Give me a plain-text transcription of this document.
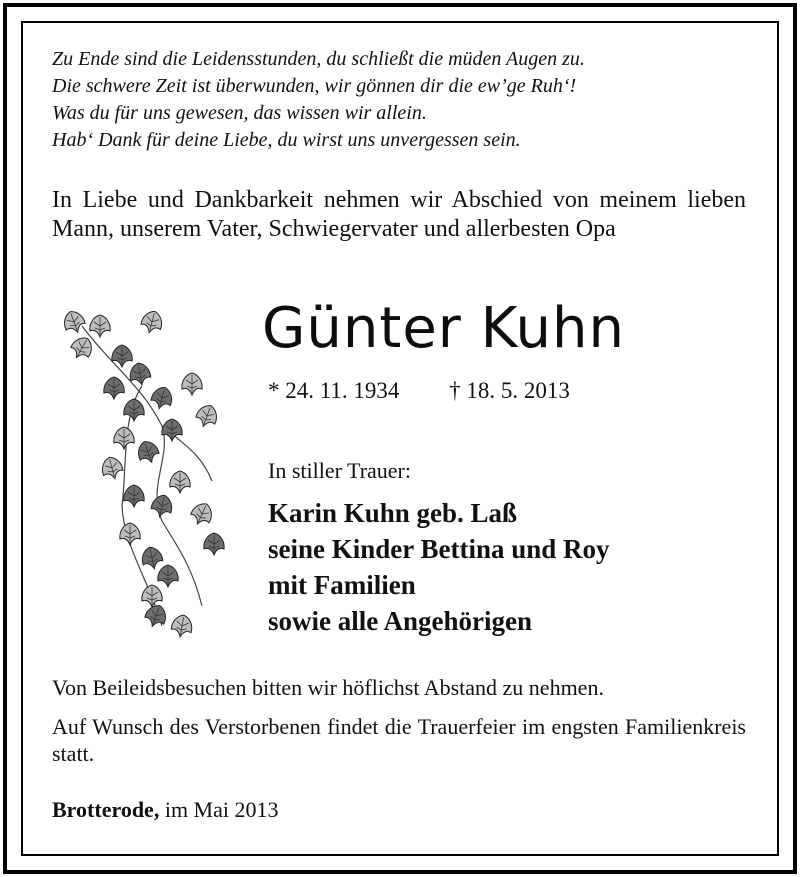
Zu Ende sind die Leidensstunden, du schließt die müden Augen zu.
Die schwere Zeit ist überwunden, wir gönnen dir die ew’ge Ruh‘!
Was du für uns gewesen, das wissen wir allein.
Hab‘ Dank für deine Liebe, du wirst uns unvergessen sein.
In Liebe und Dankbarkeit nehmen wir Abschied von meinem lieben Mann, unserem Vater, Schwiegervater und allerbesten Opa
Günter Kuhn
* 24. 11. 1934 † 18. 5. 2013
In stiller Trauer:
Karin Kuhn geb. Laß
seine Kinder Bettina und Roy
mit Familien
sowie alle Angehörigen
Von Beileidsbesuchen bitten wir höflichst Abstand zu nehmen.
Auf Wunsch des Verstorbenen findet die Trauerfeier im engsten Familienkreis statt.
Brotterode, im Mai 2013
